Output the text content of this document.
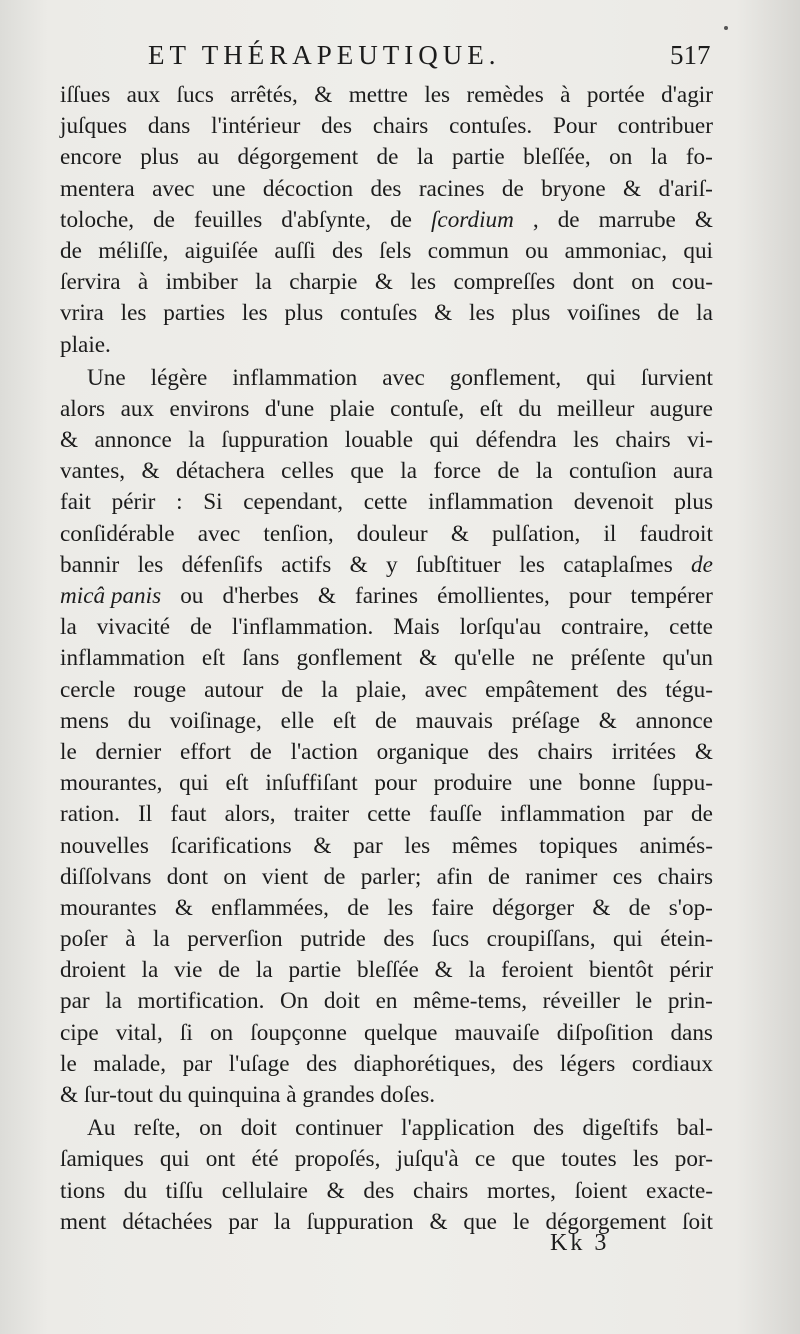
ET THÉRAPEUTIQUE.	517
iſſues aux ſucs arrêtés, & mettre les remèdes à portée d'agir
juſques dans l'intérieur des chairs contuſes. Pour contribuer
encore plus au dégorgement de la partie bleſſée, on la fo-
mentera avec une décoction des racines de bryone & d'ariſ-
toloche, de feuilles d'abſynte, de ſcordium , de marrube &
de méliſſe, aiguiſée auſſi des ſels commun ou ammoniac, qui
ſervira à imbiber la charpie & les compreſſes dont on cou-
vrira les parties les plus contuſes & les plus voiſines de la
plaie.

Une légère inflammation avec gonflement, qui ſurvient
alors aux environs d'une plaie contuſe, eſt du meilleur augure
& annonce la ſuppuration louable qui défendra les chairs vi-
vantes, & détachera celles que la force de la contuſion aura
fait périr : Si cependant, cette inflammation devenoit plus
conſidérable avec tenſion, douleur & pulſation, il faudroit
bannir les défenſifs actifs & y ſubſtituer les cataplaſmes de
micâ panis ou d'herbes & farines émollientes, pour tempérer
la vivacité de l'inflammation. Mais lorſqu'au contraire, cette
inflammation eſt ſans gonflement & qu'elle ne préſente qu'un
cercle rouge autour de la plaie, avec empâtement des tégu-
mens du voiſinage, elle eſt de mauvais préſage & annonce
le dernier effort de l'action organique des chairs irritées &
mourantes, qui eſt inſuffiſant pour produire une bonne ſuppu-
ration. Il faut alors, traiter cette fauſſe inflammation par de
nouvelles ſcarifications & par les mêmes topiques animés-
diſſolvans dont on vient de parler; afin de ranimer ces chairs
mourantes & enflammées, de les faire dégorger & de s'op-
poſer à la perverſion putride des ſucs croupiſſans, qui étein-
droient la vie de la partie bleſſée & la feroient bientôt périr
par la mortification. On doit en même-tems, réveiller le prin-
cipe vital, ſi on ſoupçonne quelque mauvaiſe diſpoſition dans
le malade, par l'uſage des diaphorétiques, des légers cordiaux
&
ſur-tout
du
quinquina
à
grandes
doſes.

Au reſte, on doit continuer l'application des digeſtifs bal-
ſamiques qui ont été propoſés, juſqu'à ce que toutes les por-
tions du tiſſu cellulaire & des chairs mortes, ſoient exacte-
ment détachées par la ſuppuration & que le dégorgement ſoit
Kk 3
